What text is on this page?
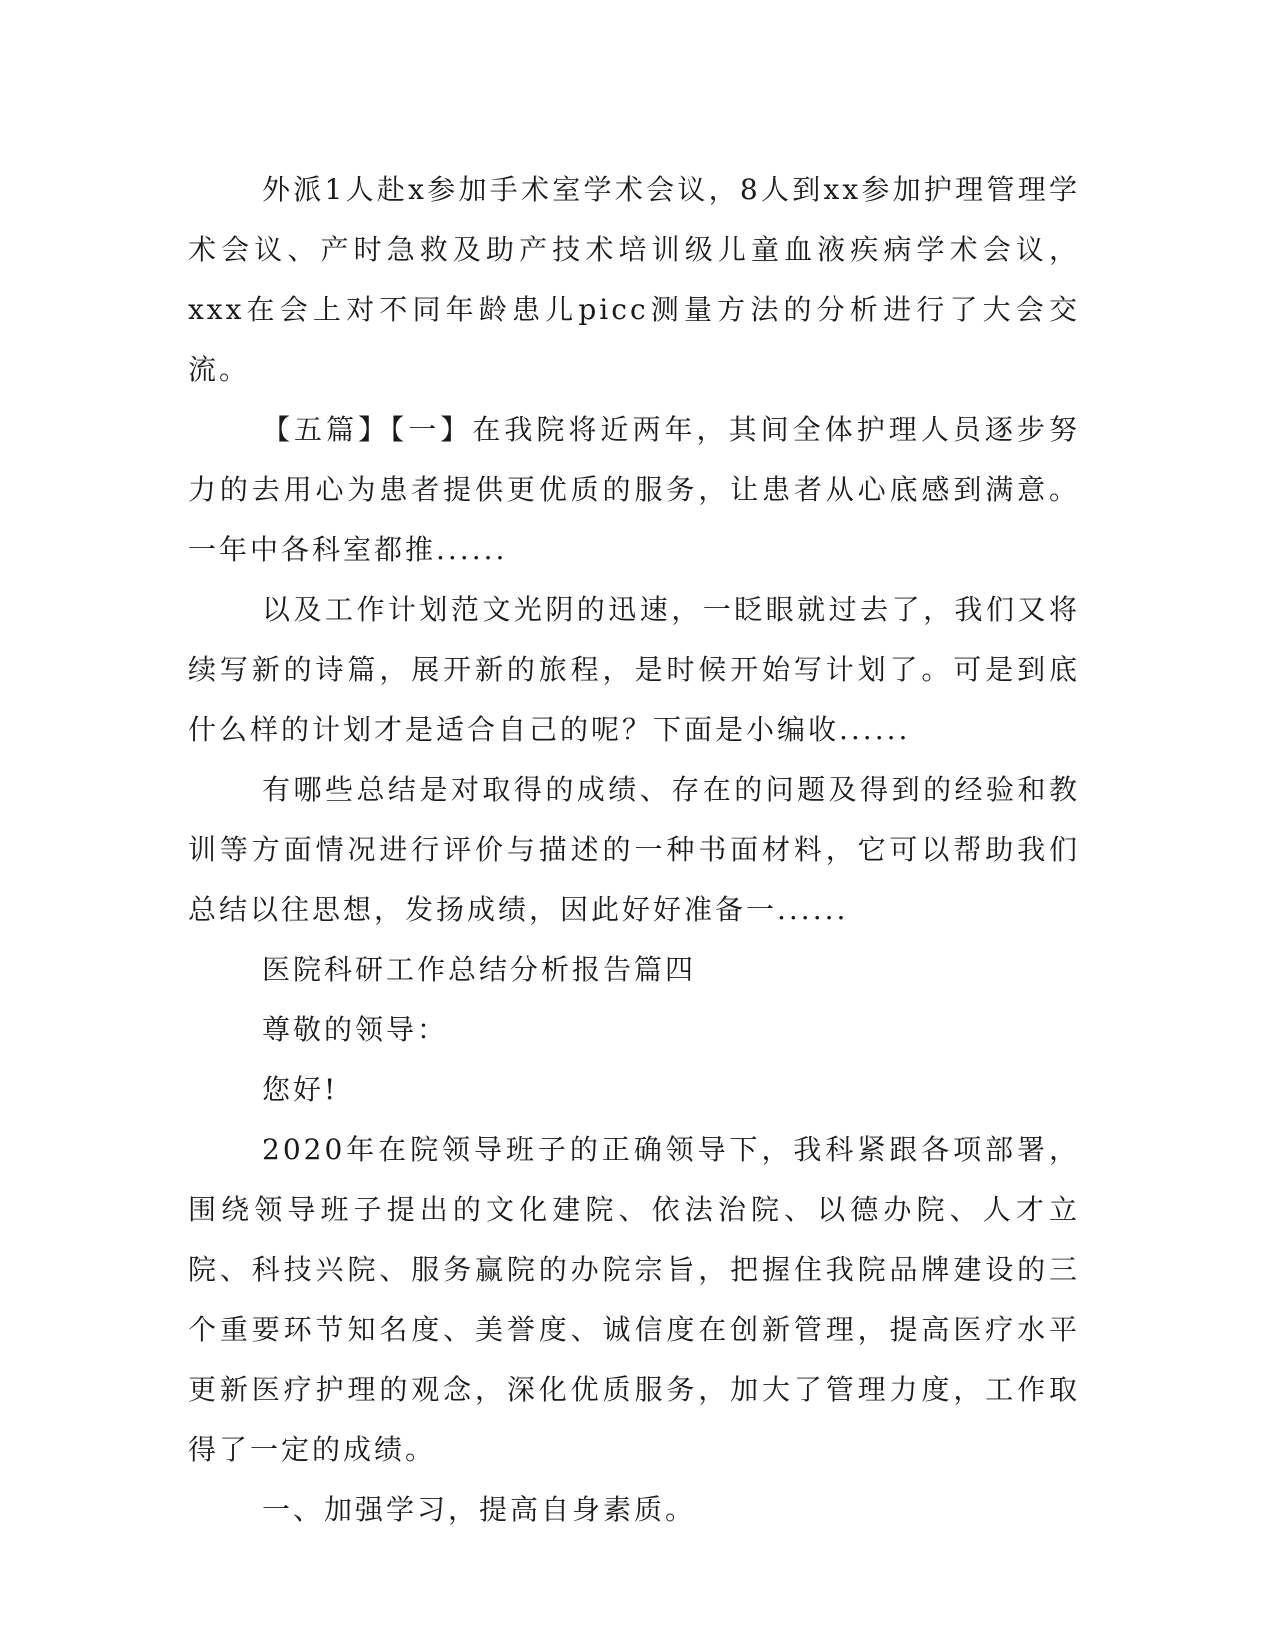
外派1人赴x参加手术室学术会议，8人到xx参加护理管理学术会议、产时急救及助产技术培训级儿童血液疾病学术会议，xxx在会上对不同年龄患儿picc测量方法的分析进行了大会交流。

【五篇】【一】在我院将近两年，其间全体护理人员逐步努力的去用心为患者提供更优质的服务，让患者从心底感到满意。一年中各科室都推......

以及工作计划范文光阴的迅速，一眨眼就过去了，我们又将续写新的诗篇，展开新的旅程，是时候开始写计划了。可是到底什么样的计划才是适合自己的呢？下面是小编收......

有哪些总结是对取得的成绩、存在的问题及得到的经验和教训等方面情况进行评价与描述的一种书面材料，它可以帮助我们总结以往思想，发扬成绩，因此好好准备一......

医院科研工作总结分析报告篇四

尊敬的领导：

您好!

2020年在院领导班子的正确领导下，我科紧跟各项部署，围绕领导班子提出的文化建院、依法治院、以德办院、人才立院、科技兴院、服务赢院的办院宗旨，把握住我院品牌建设的三个重要环节知名度、美誉度、诚信度在创新管理，提高医疗水平更新医疗护理的观念，深化优质服务，加大了管理力度，工作取得了一定的成绩。

一、加强学习，提高自身素质。
